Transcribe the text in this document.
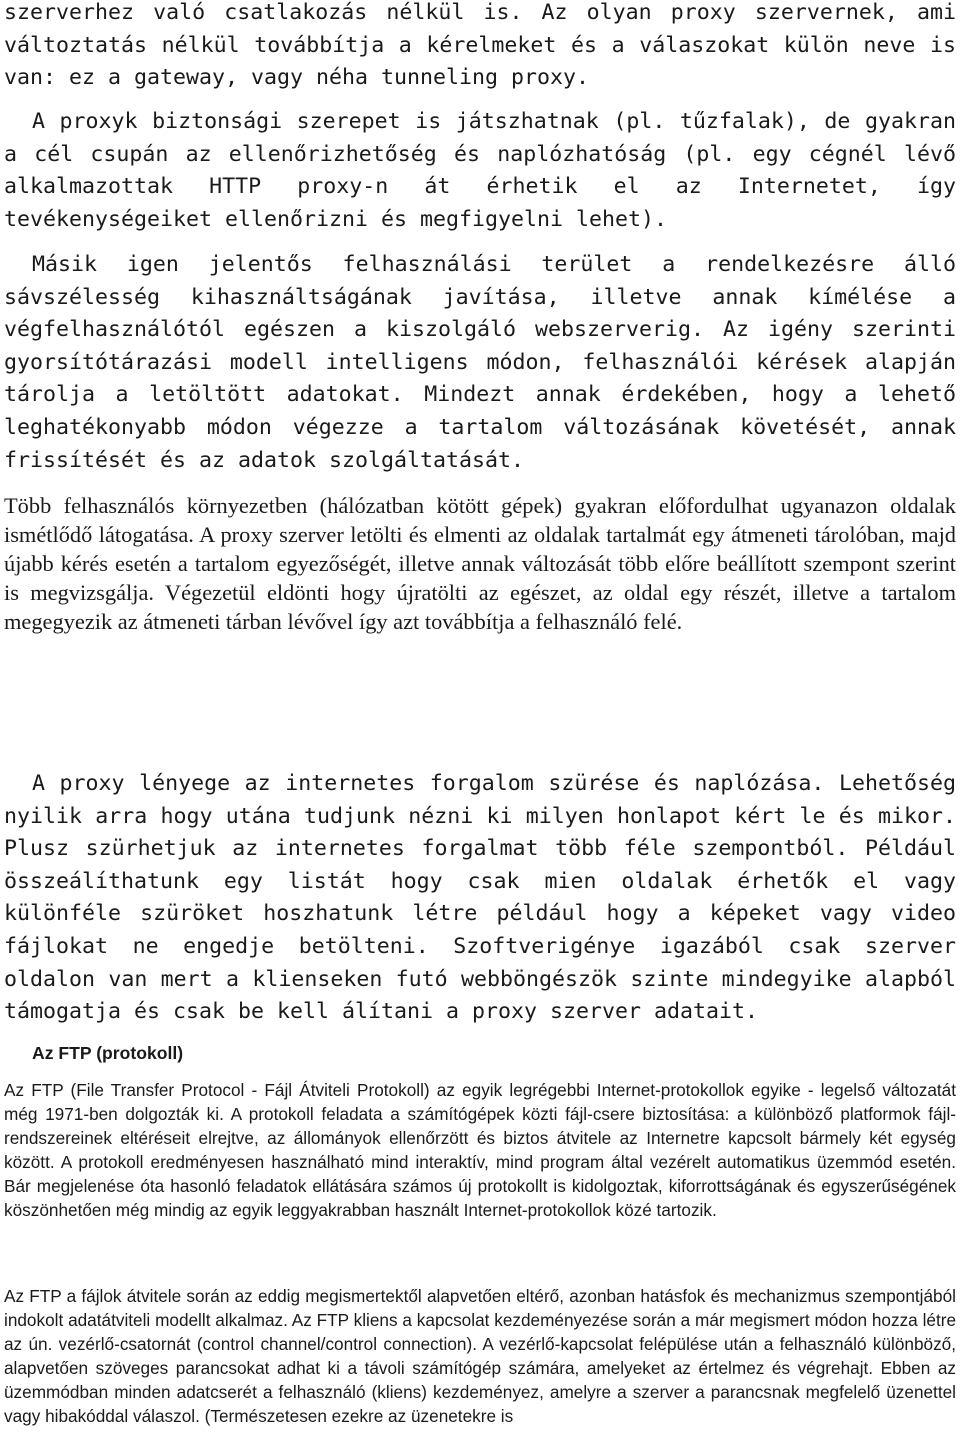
szerverhez való csatlakozás nélkül is. Az olyan proxy szervernek, ami változtatás nélkül továbbítja a kérelmeket és a válaszokat külön neve is van: ez a gateway, vagy néha tunneling proxy.

A proxyk biztonsági szerepet is játszhatnak (pl. tűzfalak), de gyakran a cél csupán az ellenőrizhetőség és naplózhatóság (pl. egy cégnél lévő alkalmazottak HTTP proxy-n át érhetik el az Internetet, így tevékenységeiket ellenőrizni és megfigyelni lehet).

Másik igen jelentős felhasználási terület a rendelkezésre álló sávszélesség kihasználtságának javítása, illetve annak kímélése a végfelhasználótól egészen a kiszolgáló webszerverig. Az igény szerinti gyorsítótárazási modell intelligens módon, felhasználói kérések alapján tárolja a letöltött adatokat. Mindezt annak érdekében, hogy a lehető leghatékonyabb módon végezze a tartalom változásának követését, annak frissítését és az adatok szolgáltatását.

Több felhasználós környezetben (hálózatban kötött gépek) gyakran előfordulhat ugyanazon oldalak ismétlődő látogatása. A proxy szerver letölti és elmenti az oldalak tartalmát egy átmeneti tárolóban, majd újabb kérés esetén a tartalom egyezőségét, illetve annak változását több előre beállított szempont szerint is megvizsgálja. Végezetül eldönti hogy újratölti az egészet, az oldal egy részét, illetve a tartalom megegyezik az átmeneti tárban lévővel így azt továbbítja a felhasználó felé.

A proxy lényege az internetes forgalom szürése és naplózása. Lehetőség nyilik arra hogy utána tudjunk nézni ki milyen honlapot kért le és mikor. Plusz szürhetjuk az internetes forgalmat több féle szempontból. Például összeálíthatunk egy listát hogy csak mien oldalak érhetők el vagy különféle szüröket hoszhatunk létre például hogy a képeket vagy video fájlokat ne engedje betölteni. Szoftverigénye igazából csak szerver oldalon van mert a klienseken futó webböngészök szinte mindegyike alapból támogatja és csak be kell álítani a proxy szerver adatait.

Az FTP (protokoll)

Az FTP (File Transfer Protocol - Fájl Átviteli Protokoll) az egyik legrégebbi Internet-protokollok egyike - legelső változatát még 1971-ben dolgozták ki. A protokoll feladata a számítógépek közti fájl-csere biztosítása: a különböző platformok fájl-rendszereinek eltéréseit elrejtve, az állományok ellenőrzött és biztos átvitele az Internetre kapcsolt bármely két egység között. A protokoll eredményesen használható mind interaktív, mind program által vezérelt automatikus üzemmód esetén. Bár megjelenése óta hasonló feladatok ellátására számos új protokollt is kidolgoztak, kiforrottságának és egyszerűségének köszönhetően még mindig az egyik leggyakrabban használt Internet-protokollok közé tartozik.

Az FTP a fájlok átvitele során az eddig megismertektől alapvetően eltérő, azonban hatásfok és mechanizmus szempontjából indokolt adatátviteli modellt alkalmaz. Az FTP kliens a kapcsolat kezdeményezése során a már megismert módon hozza létre az ún. vezérlő-csatornát (control channel/control connection). A vezérlő-kapcsolat felépülése után a felhasználó különböző, alapvetően szöveges parancsokat adhat ki a távoli számítógép számára, amelyeket az értelmez és végrehajt. Ebben az üzemmódban minden adatcserét a felhasználó (kliens) kezdeményez, amelyre a szerver a parancsnak megfelelő üzenettel vagy hibakóddal válaszol. (Természetesen ezekre az üzenetekre is
